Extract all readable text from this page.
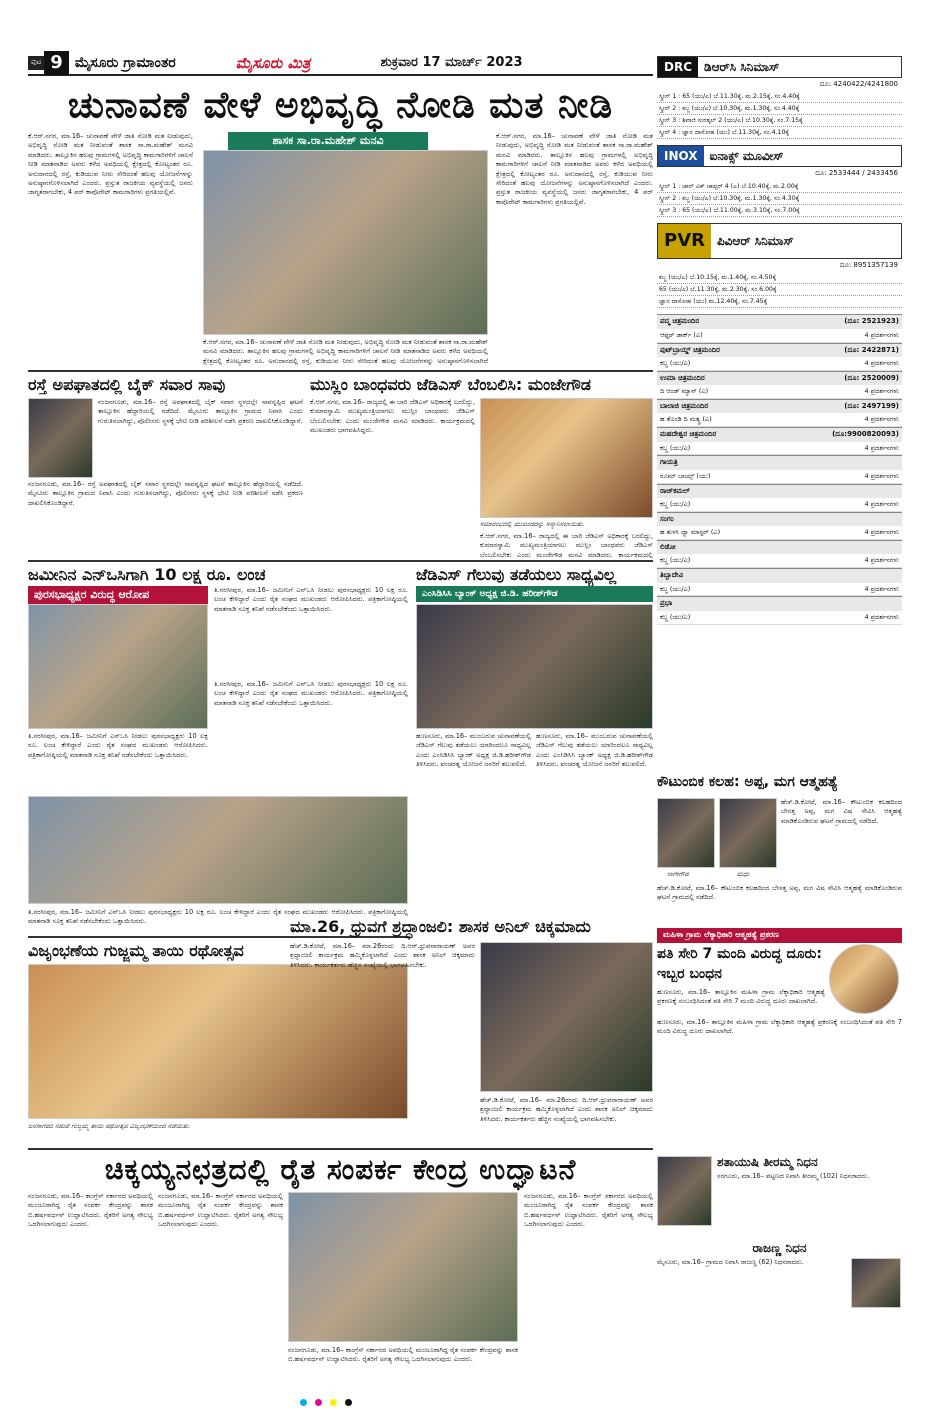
ಪುಟ 9 ಮೈಸೂರು ಗ್ರಾಮಾಂತರ	ಮೈಸೂರು ಮಿತ್ರ	ಶುಕ್ರವಾರ 17 ಮಾರ್ಚ್ 2023
ಚುನಾವಣೆ ವೇಳೆ ಅಭಿವೃದ್ಧಿ ನೋಡಿ ಮತ ನೀಡಿ
ಕೆ.ಆರ್.ನಗರ, ಮಾ.16– ಚುನಾವಣೆ ವೇಳೆ ಜಾತಿ ನೋಡಿ ಮತ ನೀಡುವುದು, ಅಭಿವೃದ್ಧಿ ನೋಡಿ ಮತ ನೀಡುವಂತೆ ಶಾಸಕ ಸಾ.ರಾ.ಮಹೇಶ್ ಮನವಿ ಮಾಡಿದರು. ತಾಲ್ಲೂಕಿನ ಹಲವು ಗ್ರಾಮಗಳಲ್ಲಿ ಅಭಿವೃದ್ಧಿ ಕಾಮಗಾರಿಗಳಿಗೆ ಚಾಲನೆ ನೀಡಿ ಮಾತನಾಡಿದ ಅವರು ಕಳೆದ ಅವಧಿಯಲ್ಲಿ ಕ್ಷೇತ್ರದಲ್ಲಿ ಕೋಟ್ಯಂತರ ರೂ. ಅನುದಾನದಲ್ಲಿ ರಸ್ತೆ, ಕುಡಿಯುವ ನೀರು ಸೇರಿದಂತೆ ಹಲವು ಯೋಜನೆಗಳನ್ನು ಅನುಷ್ಠಾನಗೊಳಿಸಲಾಗಿದೆ ಎಂದರು. ಪ್ರಸ್ತುತ ರಾಜಕೀಯ ವ್ಯವಸ್ಥೆಯಲ್ಲಿ ಜನರು ಜಾಗೃತರಾಗಬೇಕು, 4 ಪರ್ ಕಾಪೊರೇಟ್ ಕಾಮಗಾರಿಗಳು ಪ್ರಗತಿಯಲ್ಲಿವೆ.
ಶಾಸಕ ಸಾ.ರಾ.ಮಹೇಶ್ ಮನವಿ
ಕೆ.ಆರ್.ನಗರ, ಮಾ.16– ಚುನಾವಣೆ ವೇಳೆ ಜಾತಿ ನೋಡಿ ಮತ ನೀಡುವುದು, ಅಭಿವೃದ್ಧಿ ನೋಡಿ ಮತ ನೀಡುವಂತೆ ಶಾಸಕ ಸಾ.ರಾ.ಮಹೇಶ್ ಮನವಿ ಮಾಡಿದರು. ತಾಲ್ಲೂಕಿನ ಹಲವು ಗ್ರಾಮಗಳಲ್ಲಿ ಅಭಿವೃದ್ಧಿ ಕಾಮಗಾರಿಗಳಿಗೆ ಚಾಲನೆ ನೀಡಿ ಮಾತನಾಡಿದ ಅವರು ಕಳೆದ ಅವಧಿಯಲ್ಲಿ ಕ್ಷೇತ್ರದಲ್ಲಿ ಕೋಟ್ಯಂತರ ರೂ. ಅನುದಾನದಲ್ಲಿ ರಸ್ತೆ, ಕುಡಿಯುವ ನೀರು ಸೇರಿದಂತೆ ಹಲವು ಯೋಜನೆಗಳನ್ನು ಅನುಷ್ಠಾನಗೊಳಿಸಲಾಗಿದೆ
ಕೆ.ಆರ್.ನಗರ, ಮಾ.16– ಚುನಾವಣೆ ವೇಳೆ ಜಾತಿ ನೋಡಿ ಮತ ನೀಡುವುದು, ಅಭಿವೃದ್ಧಿ ನೋಡಿ ಮತ ನೀಡುವಂತೆ ಶಾಸಕ ಸಾ.ರಾ.ಮಹೇಶ್ ಮನವಿ ಮಾಡಿದರು. ತಾಲ್ಲೂಕಿನ ಹಲವು ಗ್ರಾಮಗಳಲ್ಲಿ ಅಭಿವೃದ್ಧಿ ಕಾಮಗಾರಿಗಳಿಗೆ ಚಾಲನೆ ನೀಡಿ ಮಾತನಾಡಿದ ಅವರು ಕಳೆದ ಅವಧಿಯಲ್ಲಿ ಕ್ಷೇತ್ರದಲ್ಲಿ ಕೋಟ್ಯಂತರ ರೂ. ಅನುದಾನದಲ್ಲಿ ರಸ್ತೆ, ಕುಡಿಯುವ ನೀರು ಸೇರಿದಂತೆ ಹಲವು ಯೋಜನೆಗಳನ್ನು ಅನುಷ್ಠಾನಗೊಳಿಸಲಾಗಿದೆ ಎಂದರು. ಪ್ರಸ್ತುತ ರಾಜಕೀಯ ವ್ಯವಸ್ಥೆಯಲ್ಲಿ ಜನರು ಜಾಗೃತರಾಗಬೇಕು, 4 ಪರ್ ಕಾಪೊರೇಟ್ ಕಾಮಗಾರಿಗಳು ಪ್ರಗತಿಯಲ್ಲಿವೆ.
ರಸ್ತೆ ಅಪಘಾತದಲ್ಲಿ ಬೈಕ್ ಸವಾರ ಸಾವು
ನಂಜನಗೂಡು, ಮಾ.16– ರಸ್ತೆ ಅಪಘಾತದಲ್ಲಿ ಬೈಕ್ ಸವಾರ ಸ್ಥಳದಲ್ಲೇ ಸಾವನ್ನಪ್ಪಿದ ಘಟನೆ ತಾಲ್ಲೂಕಿನ ಹೆದ್ದಾರಿಯಲ್ಲಿ ನಡೆದಿದೆ. ಮೈಸೂರು ತಾಲ್ಲೂಕಿನ ಗ್ರಾಮದ ನಿವಾಸಿ ಎಂದು ಗುರುತಿಸಲಾಗಿದ್ದು, ಪೊಲೀಸರು ಸ್ಥಳಕ್ಕೆ ಭೇಟಿ ನೀಡಿ ಪರಿಶೀಲನೆ ನಡೆಸಿ ಪ್ರಕರಣ ದಾಖಲಿಸಿಕೊಂಡಿದ್ದಾರೆ.
ನಂಜನಗೂಡು, ಮಾ.16– ರಸ್ತೆ ಅಪಘಾತದಲ್ಲಿ ಬೈಕ್ ಸವಾರ ಸ್ಥಳದಲ್ಲೇ ಸಾವನ್ನಪ್ಪಿದ ಘಟನೆ ತಾಲ್ಲೂಕಿನ ಹೆದ್ದಾರಿಯಲ್ಲಿ ನಡೆದಿದೆ. ಮೈಸೂರು ತಾಲ್ಲೂಕಿನ ಗ್ರಾಮದ ನಿವಾಸಿ ಎಂದು ಗುರುತಿಸಲಾಗಿದ್ದು, ಪೊಲೀಸರು ಸ್ಥಳಕ್ಕೆ ಭೇಟಿ ನೀಡಿ ಪರಿಶೀಲನೆ ನಡೆಸಿ ಪ್ರಕರಣ ದಾಖಲಿಸಿಕೊಂಡಿದ್ದಾರೆ.
ಮುಸ್ಲಿಂ ಬಾಂಧವರು ಜೆಡಿಎಸ್ ಬೆಂಬಲಿಸಿ: ಮಂಜೇಗೌಡ
ಕೆ.ಆರ್.ನಗರ, ಮಾ.16– ರಾಜ್ಯದಲ್ಲಿ ಈ ಬಾರಿ ಜೆಡಿಎಸ್ ಅಧಿಕಾರಕ್ಕೆ ಬರಲಿದ್ದು, ಕುಮಾರಸ್ವಾಮಿ ಮುಖ್ಯಮಂತ್ರಿಯಾಗಲು ಮುಸ್ಲಿಂ ಬಾಂಧವರು ಜೆಡಿಎಸ್ ಬೆಂಬಲಿಸಬೇಕು ಎಂದು ಮಂಜೇಗೌಡ ಮನವಿ ಮಾಡಿದರು. ಕಾರ್ಯಕ್ರಮದಲ್ಲಿ ಮುಖಂಡರು ಭಾಗವಹಿಸಿದ್ದರು.
ಸಮಾರಂಭದಲ್ಲಿ ಮುಖಂಡರನ್ನು ಸನ್ಮಾನಿಸಲಾಯಿತು.
ಕೆ.ಆರ್.ನಗರ, ಮಾ.16– ರಾಜ್ಯದಲ್ಲಿ ಈ ಬಾರಿ ಜೆಡಿಎಸ್ ಅಧಿಕಾರಕ್ಕೆ ಬರಲಿದ್ದು, ಕುಮಾರಸ್ವಾಮಿ ಮುಖ್ಯಮಂತ್ರಿಯಾಗಲು ಮುಸ್ಲಿಂ ಬಾಂಧವರು ಜೆಡಿಎಸ್ ಬೆಂಬಲಿಸಬೇಕು ಎಂದು ಮಂಜೇಗೌಡ ಮನವಿ ಮಾಡಿದರು. ಕಾರ್ಯಕ್ರಮದಲ್ಲಿ
ಜಮೀನಿನ ಎನ್‌ಒಸಿಗಾಗಿ 10 ಲಕ್ಷ ರೂ. ಲಂಚ
ಪುರಸಭಾಧ್ಯಕ್ಷರ ವಿರುದ್ಧ ಆರೋಪ	ತಿ.ನರಸೀಪುರ, ಮಾ.16– ಜಮೀನಿಗೆ ಎನ್‌ಒಸಿ ನೀಡಲು ಪುರಸಭಾಧ್ಯಕ್ಷರು 10 ಲಕ್ಷ ರೂ. ಲಂಚ ಕೇಳಿದ್ದಾರೆ ಎಂದು ರೈತ ಸಂಘದ ಮುಖಂಡರು ಆರೋಪಿಸಿದರು. ಪತ್ರಿಕಾಗೋಷ್ಠಿಯಲ್ಲಿ ಮಾತನಾಡಿ ಸೂಕ್ತ ತನಿಖೆ ನಡೆಸಬೇಕೆಂದು ಒತ್ತಾಯಿಸಿದರು.
ತಿ.ನರಸೀಪುರ, ಮಾ.16– ಜಮೀನಿಗೆ ಎನ್‌ಒಸಿ ನೀಡಲು ಪುರಸಭಾಧ್ಯಕ್ಷರು 10 ಲಕ್ಷ ರೂ. ಲಂಚ ಕೇಳಿದ್ದಾರೆ ಎಂದು ರೈತ ಸಂಘದ ಮುಖಂಡರು ಆರೋಪಿಸಿದರು. ಪತ್ರಿಕಾಗೋಷ್ಠಿಯಲ್ಲಿ ಮಾತನಾಡಿ ಸೂಕ್ತ ತನಿಖೆ ನಡೆಸಬೇಕೆಂದು ಒತ್ತಾಯಿಸಿದರು.
ತಿ.ನರಸೀಪುರ, ಮಾ.16– ಜಮೀನಿಗೆ ಎನ್‌ಒಸಿ ನೀಡಲು ಪುರಸಭಾಧ್ಯಕ್ಷರು 10 ಲಕ್ಷ ರೂ. ಲಂಚ ಕೇಳಿದ್ದಾರೆ ಎಂದು ರೈತ ಸಂಘದ ಮುಖಂಡರು ಆರೋಪಿಸಿದರು. ಪತ್ರಿಕಾಗೋಷ್ಠಿಯಲ್ಲಿ ಮಾತನಾಡಿ ಸೂಕ್ತ ತನಿಖೆ ನಡೆಸಬೇಕೆಂದು ಒತ್ತಾಯಿಸಿದರು.
ತಿ.ನರಸೀಪುರ, ಮಾ.16– ಜಮೀನಿಗೆ ಎನ್‌ಒಸಿ ನೀಡಲು ಪುರಸಭಾಧ್ಯಕ್ಷರು 10 ಲಕ್ಷ ರೂ. ಲಂಚ ಕೇಳಿದ್ದಾರೆ ಎಂದು ರೈತ ಸಂಘದ ಮುಖಂಡರು ಆರೋಪಿಸಿದರು. ಪತ್ರಿಕಾಗೋಷ್ಠಿಯಲ್ಲಿ ಮಾತನಾಡಿ ಸೂಕ್ತ ತನಿಖೆ ನಡೆಸಬೇಕೆಂದು ಒತ್ತಾಯಿಸಿದರು.
ಜೆಡಿಎಸ್ ಗೆಲುವು ತಡೆಯಲು ಸಾಧ್ಯವಿಲ್ಲ
ಎಂಸಿಡಿಸಿಸಿ ಬ್ಯಾಂಕ್ ಅಧ್ಯಕ್ಷ ಜಿ.ಡಿ. ಹರೀಶ್‌ಗೌಡ
ಹುಣಸೂರು, ಮಾ.16– ಮುಂಬರುವ ಚುನಾವಣೆಯಲ್ಲಿ ಜೆಡಿಎಸ್ ಗೆಲುವು ತಡೆಯಲು ಯಾರಿಂದಲೂ ಸಾಧ್ಯವಿಲ್ಲ ಎಂದು ಎಂಸಿಡಿಸಿಸಿ ಬ್ಯಾಂಕ್ ಅಧ್ಯಕ್ಷ ಜಿ.ಡಿ.ಹರೀಶ್‌ಗೌಡ ತಿಳಿಸಿದರು. ಪಂಚರತ್ನ ಯೋಜನೆ ಜನರಿಗೆ ತಲುಪಲಿದೆ.
ಹುಣಸೂರು, ಮಾ.16– ಮುಂಬರುವ ಚುನಾವಣೆಯಲ್ಲಿ ಜೆಡಿಎಸ್ ಗೆಲುವು ತಡೆಯಲು ಯಾರಿಂದಲೂ ಸಾಧ್ಯವಿಲ್ಲ ಎಂದು ಎಂಸಿಡಿಸಿಸಿ ಬ್ಯಾಂಕ್ ಅಧ್ಯಕ್ಷ ಜಿ.ಡಿ.ಹರೀಶ್‌ಗೌಡ ತಿಳಿಸಿದರು. ಪಂಚರತ್ನ ಯೋಜನೆ ಜನರಿಗೆ ತಲುಪಲಿದೆ.
ವಿಜೃಂಭಣೆಯ ಗುಜ್ಜಮ್ಮ ತಾಯಿ ರಥೋತ್ಸವ
ಜನಸಾಗರದ ನಡುವೆ ಗುಜ್ಜಮ್ಮ ತಾಯಿ ರಥೋತ್ಸವ ವಿಜೃಂಭಣೆಯಿಂದ ನಡೆಯಿತು.
ಮಾ.26, ಧ್ರುವಗೆ ಶ್ರದ್ಧಾಂಜಲಿ: ಶಾಸಕ ಅನಿಲ್ ಚಿಕ್ಕಮಾದು
ಹೆಚ್.ಡಿ.ಕೋಟೆ, ಮಾ.16– ಮಾ.26ರಂದು ದಿ.ಆರ್.ಧ್ರುವನಾರಾಯಣ್ ಅವರ ಶ್ರದ್ಧಾಂಜಲಿ ಕಾರ್ಯಕ್ರಮ ಹಮ್ಮಿಕೊಳ್ಳಲಾಗಿದೆ ಎಂದು ಶಾಸಕ ಅನಿಲ್ ಚಿಕ್ಕಮಾದು ತಿಳಿಸಿದರು. ಕಾರ್ಯಕರ್ತರು ಹೆಚ್ಚಿನ ಸಂಖ್ಯೆಯಲ್ಲಿ ಭಾಗವಹಿಸಬೇಕು.
ಹೆಚ್.ಡಿ.ಕೋಟೆ, ಮಾ.16– ಮಾ.26ರಂದು ದಿ.ಆರ್.ಧ್ರುವನಾರಾಯಣ್ ಅವರ ಶ್ರದ್ಧಾಂಜಲಿ ಕಾರ್ಯಕ್ರಮ ಹಮ್ಮಿಕೊಳ್ಳಲಾಗಿದೆ ಎಂದು ಶಾಸಕ ಅನಿಲ್ ಚಿಕ್ಕಮಾದು ತಿಳಿಸಿದರು. ಕಾರ್ಯಕರ್ತರು ಹೆಚ್ಚಿನ ಸಂಖ್ಯೆಯಲ್ಲಿ ಭಾಗವಹಿಸಬೇಕು.
ಚಿಕ್ಕಯ್ಯನಛತ್ರದಲ್ಲಿ ರೈತ ಸಂಪರ್ಕ ಕೇಂದ್ರ ಉದ್ಘಾಟನೆ
ನಂಜನಗೂಡು, ಮಾ.16– ಕಾಂಗ್ರೆಸ್ ಸರ್ಕಾರದ ಅವಧಿಯಲ್ಲಿ ಮಂಜೂರಾಗಿದ್ದ ರೈತ ಸಂಪರ್ಕ ಕೇಂದ್ರವನ್ನು ಶಾಸಕ ಬಿ.ಹರ್ಷವರ್ಧನ್ ಉದ್ಘಾಟಿಸಿದರು. ರೈತರಿಗೆ ಅಗತ್ಯ ಸೌಲಭ್ಯ ಒದಗಿಸಲಾಗುವುದು ಎಂದರು.
ನಂಜನಗೂಡು, ಮಾ.16– ಕಾಂಗ್ರೆಸ್ ಸರ್ಕಾರದ ಅವಧಿಯಲ್ಲಿ ಮಂಜೂರಾಗಿದ್ದ ರೈತ ಸಂಪರ್ಕ ಕೇಂದ್ರವನ್ನು ಶಾಸಕ ಬಿ.ಹರ್ಷವರ್ಧನ್ ಉದ್ಘಾಟಿಸಿದರು. ರೈತರಿಗೆ ಅಗತ್ಯ ಸೌಲಭ್ಯ ಒದಗಿಸಲಾಗುವುದು ಎಂದರು.
ನಂಜನಗೂಡು, ಮಾ.16– ಕಾಂಗ್ರೆಸ್ ಸರ್ಕಾರದ ಅವಧಿಯಲ್ಲಿ ಮಂಜೂರಾಗಿದ್ದ ರೈತ ಸಂಪರ್ಕ ಕೇಂದ್ರವನ್ನು ಶಾಸಕ ಬಿ.ಹರ್ಷವರ್ಧನ್ ಉದ್ಘಾಟಿಸಿದರು. ರೈತರಿಗೆ ಅಗತ್ಯ ಸೌಲಭ್ಯ ಒದಗಿಸಲಾಗುವುದು ಎಂದರು.
ನಂಜನಗೂಡು, ಮಾ.16– ಕಾಂಗ್ರೆಸ್ ಸರ್ಕಾರದ ಅವಧಿಯಲ್ಲಿ ಮಂಜೂರಾಗಿದ್ದ ರೈತ ಸಂಪರ್ಕ ಕೇಂದ್ರವನ್ನು ಶಾಸಕ ಬಿ.ಹರ್ಷವರ್ಧನ್ ಉದ್ಘಾಟಿಸಿದರು. ರೈತರಿಗೆ ಅಗತ್ಯ ಸೌಲಭ್ಯ ಒದಗಿಸಲಾಗುವುದು ಎಂದರು.
DRC	ಡಿಆರ್‌ಸಿ ಸಿನಿಮಾಸ್
ದೂ: 4240422/4241800
ಸ್ಕ್ರೀನ್ 1 : 65 (ಯು/ಎ) ಬೆ.11.30ಕ್ಕೆ, ಮ.2.15ಕ್ಕೆ, ಸಂ.4.40ಕ್ಕೆ
ಸ್ಕ್ರೀನ್ 2 : ಕಬ್ಜ (ಯು/ಎ) ಬೆ.10.30ಕ್ಕೆ, ಮ.1.30ಕ್ಕೆ, ಸಂ.4.40ಕ್ಕೆ
ಸ್ಕ್ರೀನ್ 3 : ಶಿವಾಜಿ ಸುರತ್ಕಲ್ 2 (ಯು/ಎ) ಬೆ.10.30ಕ್ಕೆ, ಸಂ.7.15ಕ್ಕೆ
ಸ್ಕ್ರೀನ್ 4 : ಜ್ಞಾನ ದಾಸೋಹ (ಯು) ಬೆ.11.30ಕ್ಕೆ, ಸಂ.4.10ಕ್ಕೆ
INOX	ಐನಾಕ್ಸ್ ಮೂವೀಸ್
ದೂ: 2533444 / 2433456
ಸ್ಕ್ರೀನ್ 1 : ಜಾನ್ ವಿಕ್ ಚಾಪ್ಟರ್ 4 (ಎ) ಬೆ.10.40ಕ್ಕೆ, ಮ.2.00ಕ್ಕೆ
ಸ್ಕ್ರೀನ್ 2 : ಕಬ್ಜ (ಯು/ಎ) ಬೆ.10.30ಕ್ಕೆ, ಮ.1.30ಕ್ಕೆ, ಸಂ.4.30ಕ್ಕೆ
ಸ್ಕ್ರೀನ್ 3 : 65 (ಯು/ಎ) ಬೆ.11.00ಕ್ಕೆ, ಮ.3.10ಕ್ಕೆ, ಸಂ.7.00ಕ್ಕೆ
PVR	ಪಿವಿಆರ್ ಸಿನಿಮಾಸ್
ದೂ: 8951357139
ಕಬ್ಜ (ಯು/ಎ) ಬೆ.10.15ಕ್ಕೆ, ಮ.1.40ಕ್ಕೆ, ಸಂ.4.50ಕ್ಕೆ
65 (ಯು/ಎ) ಬೆ.11.30ಕ್ಕೆ, ಮ.2.30ಕ್ಕೆ, ಸಂ.6.00ಕ್ಕೆ
ಜ್ಞಾನ ದಾಸೋಹ (ಯು) ಮ.12.40ಕ್ಕೆ, ಸಂ.7.45ಕ್ಕೆ
ಪದ್ಮ ಚಿತ್ರಮಂದಿರ	(ದೂ: 2521923)
ಆಫ್ಟರ್ ಡಾರ್ಕ್ (ಎ)	4 ಪ್ರದರ್ಶನಗಳು
ಪುಟ್‌ಬ್ರಾಯ್ಡ್ ಚಿತ್ರಮಂದಿರ	(ದೂ: 2422871)
ಕಬ್ಜ (ಯು/ಎ)	4 ಪ್ರದರ್ಶನಗಳು
ಉಮಾ ಚಿತ್ರಮಂದಿರ	(ದೂ: 2520009)
ದಿ ಆಂಡ್ ಮ್ಯಾನ್ (ಎ)	4 ಪ್ರದರ್ಶನಗಳು
ಬಾಲಾಜಿ ಚಿತ್ರಮಂದಿರ	(ದೂ: 2497199)
ಹ ತೊಂಡಿ ದಿ ಮತ್ಯ್ರ (ಎ)	4 ಪ್ರದರ್ಶನಗಳು
ಮಹದೇಶ್ವರ ಚಿತ್ರಮಂದಿರ	(ದೂ:9900820093)
ಕಬ್ಜ (ಯು/ಎ)	4 ಪ್ರದರ್ಶನಗಳು
ಗಾಯತ್ರಿ
ರೂಮ್ ಬಾಯ್ಸ್ (ಯು)	4 ಪ್ರದರ್ಶನಗಳು
ರಾಜ್‌ಕಮಲ್
ಕಬ್ಜ (ಯು/ಎ)	4 ಪ್ರದರ್ಶನಗಳು
ಸಂಗಂ
ಹ ತುಳಸಿ ದ್ವಾ ಮಾಸ್ಟರ್ (ಎ)	4 ಪ್ರದರ್ಶನಗಳು
ಲಿಡೋ
ಕಬ್ಜ (ಯು/ಎ)	4 ಪ್ರದರ್ಶನಗಳು
ತಿಬ್ಬಾದೇವಿ
ಕಬ್ಜ (ಯು/ಎ)	4 ಪ್ರದರ್ಶನಗಳು
ಪ್ರಭಾ
ಕಬ್ಜ (ಯು/ಎ)	4 ಪ್ರದರ್ಶನಗಳು
ಕೌಟುಂಬಿಕ ಕಲಹ: ಅಪ್ಪ, ಮಗ ಆತ್ಮಹತ್ಯೆ
ನಾಗೇಗೌಡ	ಮಧು
ಹೆಚ್.ಡಿ.ಕೋಟೆ, ಮಾ.16– ಕೌಟುಂಬಿಕ ಕಲಹದಿಂದ ಬೇಸತ್ತ ಅಪ್ಪ, ಮಗ ವಿಷ ಸೇವಿಸಿ ಆತ್ಮಹತ್ಯೆ ಮಾಡಿಕೊಂಡಿರುವ ಘಟನೆ ಗ್ರಾಮದಲ್ಲಿ ನಡೆದಿದೆ.
ಹೆಚ್.ಡಿ.ಕೋಟೆ, ಮಾ.16– ಕೌಟುಂಬಿಕ ಕಲಹದಿಂದ ಬೇಸತ್ತ ಅಪ್ಪ, ಮಗ ವಿಷ ಸೇವಿಸಿ ಆತ್ಮಹತ್ಯೆ ಮಾಡಿಕೊಂಡಿರುವ ಘಟನೆ ಗ್ರಾಮದಲ್ಲಿ ನಡೆದಿದೆ.
ಮಹಿಳಾ ಗ್ರಾಮ ಲೆಕ್ಕಾಧಿಕಾರಿ ಆತ್ಮಹತ್ಯೆ ಪ್ರಕರಣ
ಪತಿ ಸೇರಿ 7 ಮಂದಿ ವಿರುದ್ಧ ದೂರು: ಇಬ್ಬರ ಬಂಧನ
ಹುಣಸೂರು, ಮಾ.16– ತಾಲ್ಲೂಕಿನ ಮಹಿಳಾ ಗ್ರಾಮ ಲೆಕ್ಕಾಧಿಕಾರಿ ಆತ್ಮಹತ್ಯೆ ಪ್ರಕರಣಕ್ಕೆ ಸಂಬಂಧಿಸಿದಂತೆ ಪತಿ ಸೇರಿ 7 ಮಂದಿ ವಿರುದ್ಧ ದೂರು ದಾಖಲಾಗಿದೆ.
ಹುಣಸೂರು, ಮಾ.16– ತಾಲ್ಲೂಕಿನ ಮಹಿಳಾ ಗ್ರಾಮ ಲೆಕ್ಕಾಧಿಕಾರಿ ಆತ್ಮಹತ್ಯೆ ಪ್ರಕರಣಕ್ಕೆ ಸಂಬಂಧಿಸಿದಂತೆ ಪತಿ ಸೇರಿ 7 ಮಂದಿ ವಿರುದ್ಧ ದೂರು ದಾಖಲಾಗಿದೆ.
ಶತಾಯುಷಿ ತೀರಮ್ಮ ನಿಧನ
ಸರಗೂರು, ಮಾ.16– ಪಟ್ಟಣದ ನಿವಾಸಿ ತೀರಮ್ಮ (102) ನಿಧನರಾದರು.
ರಾಜಣ್ಣ ನಿಧನ
ಮೈಸೂರು, ಮಾ.16– ಗ್ರಾಮದ ನಿವಾಸಿ ರಾಜಣ್ಣ (62) ನಿಧನರಾದರು.
